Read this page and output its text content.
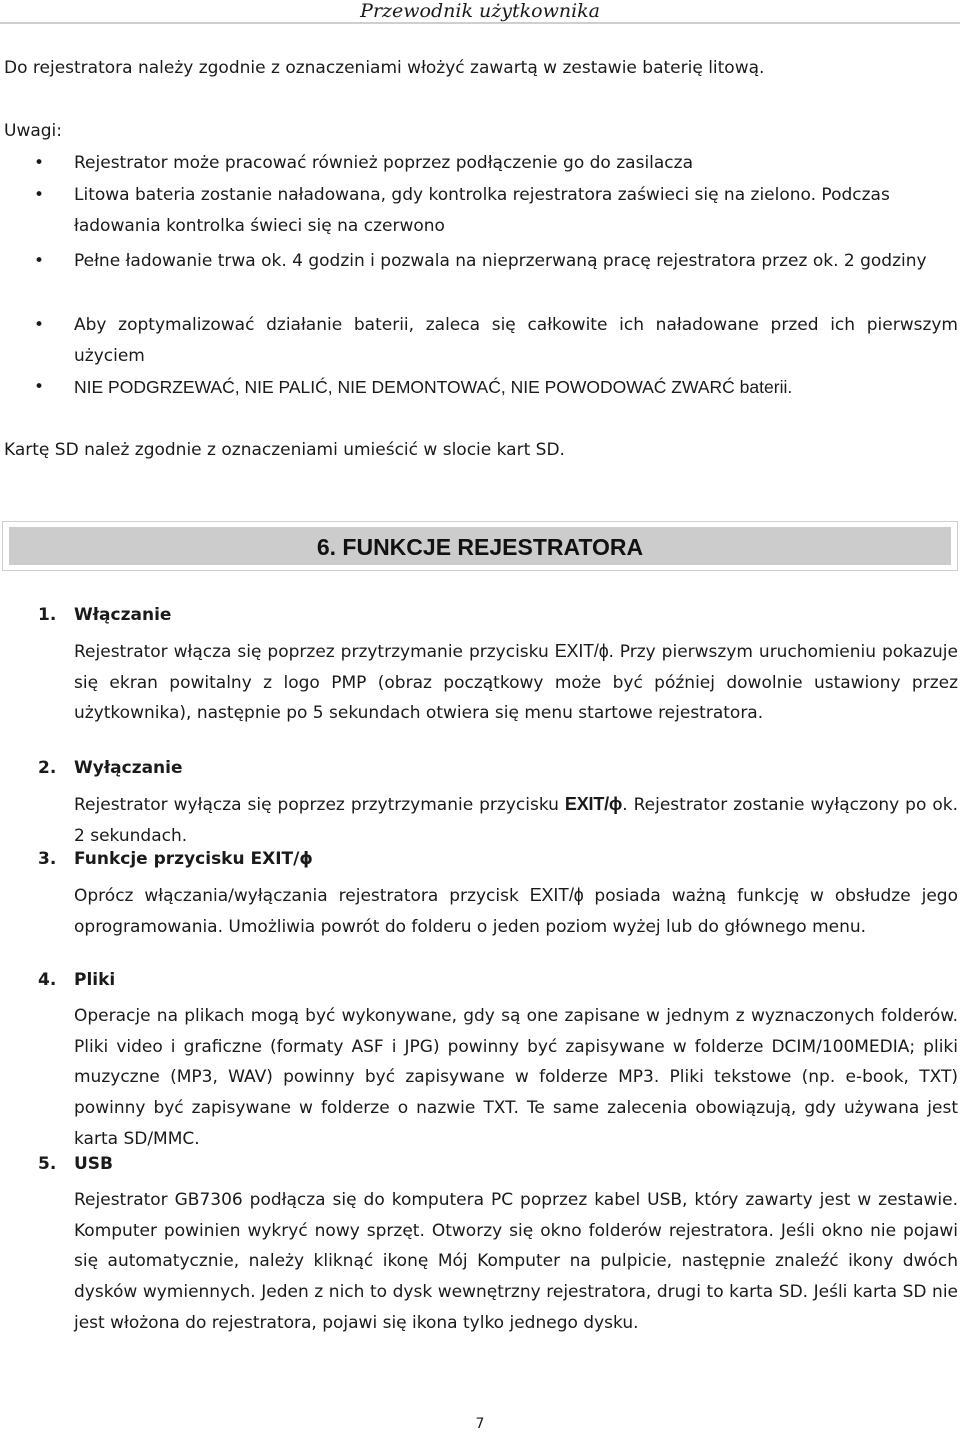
Przewodnik użytkownika
Do rejestratora należy zgodnie z oznaczeniami włożyć zawartą w zestawie baterię litową.
Uwagi:
• Rejestrator może pracować również poprzez podłączenie go do zasilacza
• Litowa bateria zostanie naładowana, gdy kontrolka rejestratora zaświeci się na zielono. Podczas ładowania kontrolka świeci się na czerwono
• Pełne ładowanie trwa ok. 4 godzin i pozwala na nieprzerwaną pracę rejestratora przez ok. 2 godziny
• Aby zoptymalizować działanie baterii, zaleca się całkowite ich naładowane przed ich pierwszym użyciem
• NIE PODGRZEWAĆ, NIE PALIĆ, NIE DEMONTOWAĆ, NIE POWODOWAĆ ZWARĆ baterii.
Kartę SD należ zgodnie z oznaczeniami umieścić w slocie kart SD.
6. FUNKCJE REJESTRATORA
1. Włączanie
Rejestrator włącza się poprzez przytrzymanie przycisku EXIT/ɸ. Przy pierwszym uruchomieniu pokazuje się ekran powitalny z logo PMP (obraz początkowy może być później dowolnie ustawiony przez użytkownika), następnie po 5 sekundach otwiera się menu startowe rejestratora.
2. Wyłączanie
Rejestrator wyłącza się poprzez przytrzymanie przycisku EXIT/ɸ. Rejestrator zostanie wyłączony po ok. 2 sekundach.
3. Funkcje przycisku EXIT/ɸ
Oprócz włączania/wyłączania rejestratora przycisk EXIT/ɸ posiada ważną funkcję w obsłudze jego oprogramowania. Umożliwia powrót do folderu o jeden poziom wyżej lub do głównego menu.
4. Pliki
Operacje na plikach mogą być wykonywane, gdy są one zapisane w jednym z wyznaczonych folderów. Pliki video i graficzne (formaty ASF i JPG) powinny być zapisywane w folderze DCIM/100MEDIA; pliki muzyczne (MP3, WAV) powinny być zapisywane w folderze MP3. Pliki tekstowe (np. e-book, TXT) powinny być zapisywane w folderze o nazwie TXT. Te same zalecenia obowiązują, gdy używana jest karta SD/MMC.
5. USB
Rejestrator GB7306 podłącza się do komputera PC poprzez kabel USB, który zawarty jest w zestawie. Komputer powinien wykryć nowy sprzęt. Otworzy się okno folderów rejestratora. Jeśli okno nie pojawi się automatycznie, należy kliknąć ikonę Mój Komputer na pulpicie, następnie znaleźć ikony dwóch dysków wymiennych. Jeden z nich to dysk wewnętrzny rejestratora, drugi to karta SD. Jeśli karta SD nie jest włożona do rejestratora, pojawi się ikona tylko jednego dysku.
7
